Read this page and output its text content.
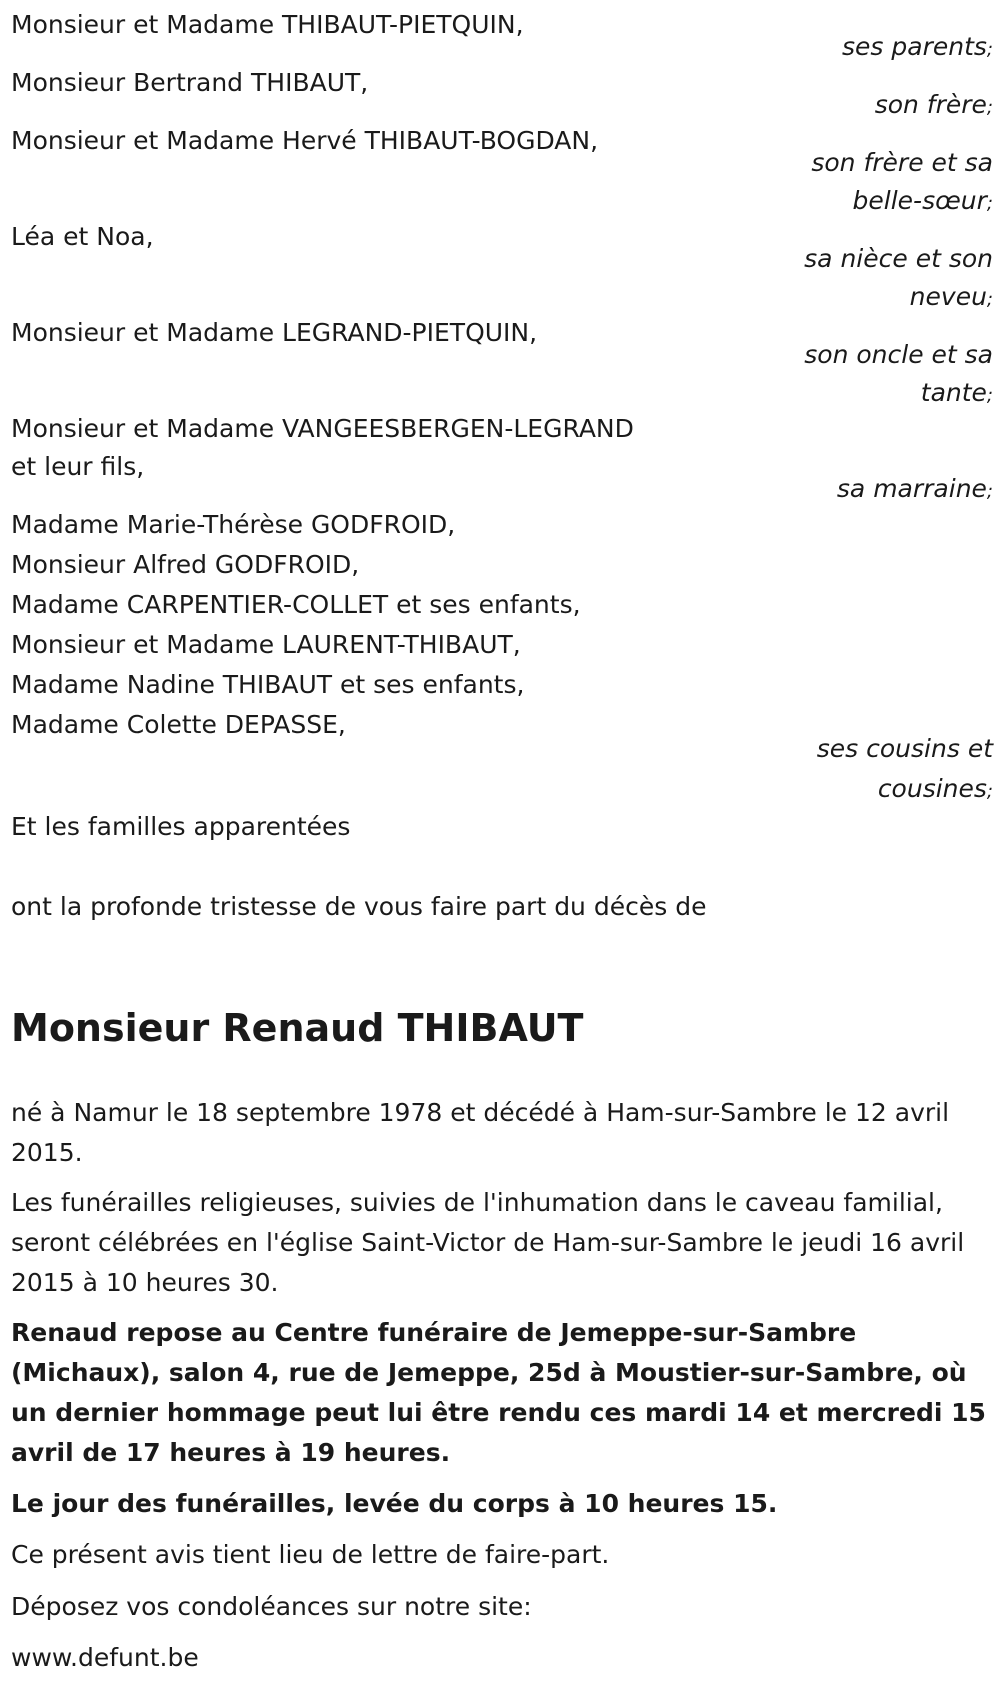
Monsieur et Madame THIBAUT-PIETQUIN,

ses parents;

Monsieur Bertrand THIBAUT,

son frère;

Monsieur et Madame Hervé THIBAUT-BOGDAN,

son frère et sa

belle-sœur;

Léa et Noa,

sa nièce et son

neveu;

Monsieur et Madame LEGRAND-PIETQUIN,

son oncle et sa

tante;

Monsieur et Madame VANGEESBERGEN-LEGRAND

et leur fils,

sa marraine;

Madame Marie-Thérèse GODFROID,

Monsieur Alfred GODFROID,

Madame CARPENTIER-COLLET et ses enfants,

Monsieur et Madame LAURENT-THIBAUT,

Madame Nadine THIBAUT et ses enfants,

Madame Colette DEPASSE,

ses cousins et

cousines;

Et les familles apparentées

ont la profonde tristesse de vous faire part du décès de

Monsieur Renaud THIBAUT

né à Namur le 18 septembre 1978 et décédé à Ham-sur-Sambre le 12 avril 2015.

Les funérailles religieuses, suivies de l'inhumation dans le caveau familial, seront célébrées en l'église Saint-Victor de Ham-sur-Sambre le jeudi 16 avril 2015 à 10 heures 30.

Renaud repose au Centre funéraire de Jemeppe-sur-Sambre (Michaux), salon 4, rue de Jemeppe, 25d à Moustier-sur-Sambre, où un dernier hommage peut lui être rendu ces mardi 14 et mercredi 15 avril de 17 heures à 19 heures.

Le jour des funérailles, levée du corps à 10 heures 15.

Ce présent avis tient lieu de lettre de faire-part.

Déposez vos condoléances sur notre site:

www.defunt.be
